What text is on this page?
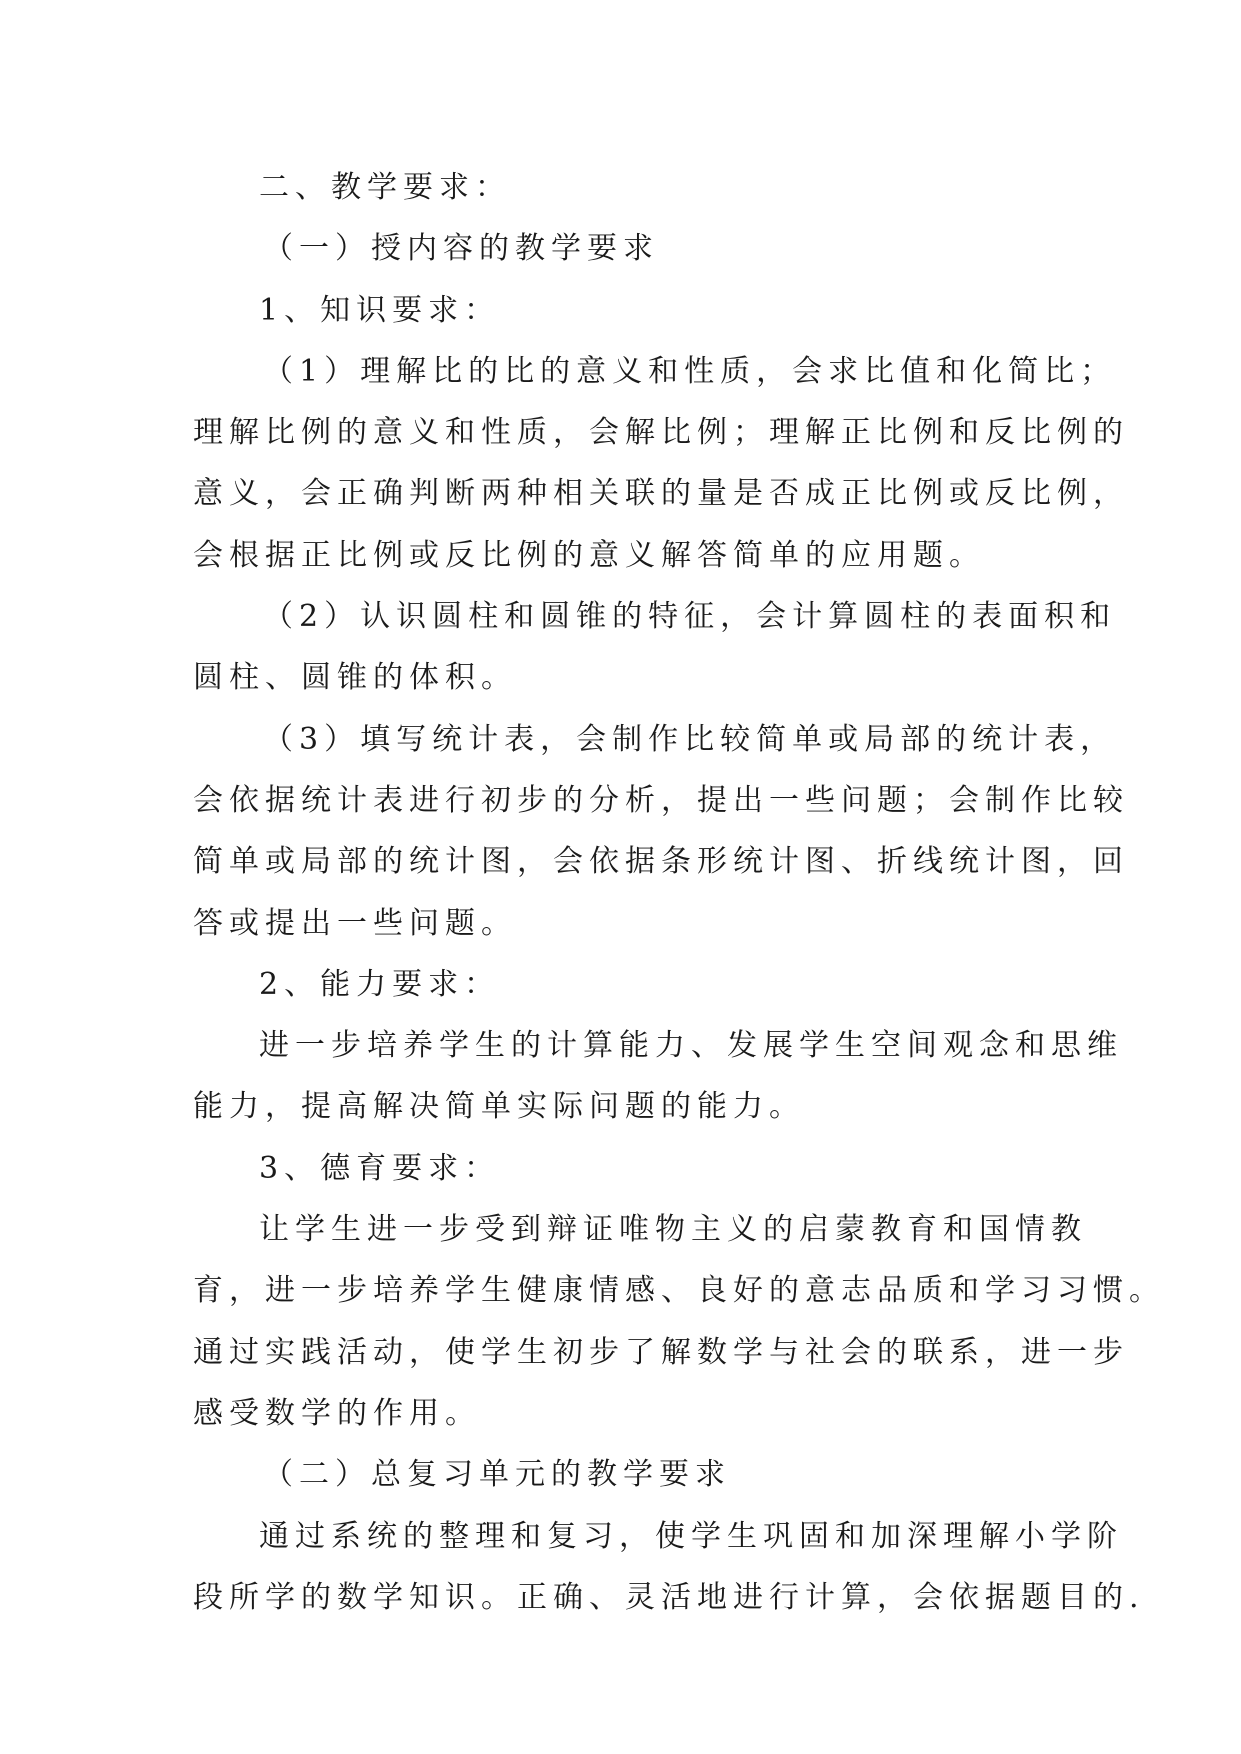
二、教学要求：
（一）授内容的教学要求
1、知识要求：
（1）理解比的比的意义和性质，会求比值和化简比；
理解比例的意义和性质，会解比例；理解正比例和反比例的
意义，会正确判断两种相关联的量是否成正比例或反比例，
会根据正比例或反比例的意义解答简单的应用题。
（2）认识圆柱和圆锥的特征，会计算圆柱的表面积和
圆柱、圆锥的体积。
（3）填写统计表，会制作比较简单或局部的统计表，
会依据统计表进行初步的分析，提出一些问题；会制作比较
简单或局部的统计图，会依据条形统计图、折线统计图，回
答或提出一些问题。
2、能力要求：
进一步培养学生的计算能力、发展学生空间观念和思维
能力，提高解决简单实际问题的能力。
3、德育要求：
让学生进一步受到辩证唯物主义的启蒙教育和国情教
育，进一步培养学生健康情感、良好的意志品质和学习习惯。
通过实践活动，使学生初步了解数学与社会的联系，进一步
感受数学的作用。
（二）总复习单元的教学要求
通过系统的整理和复习，使学生巩固和加深理解小学阶
段所学的数学知识。正确、灵活地进行计算，会依据题目的.
